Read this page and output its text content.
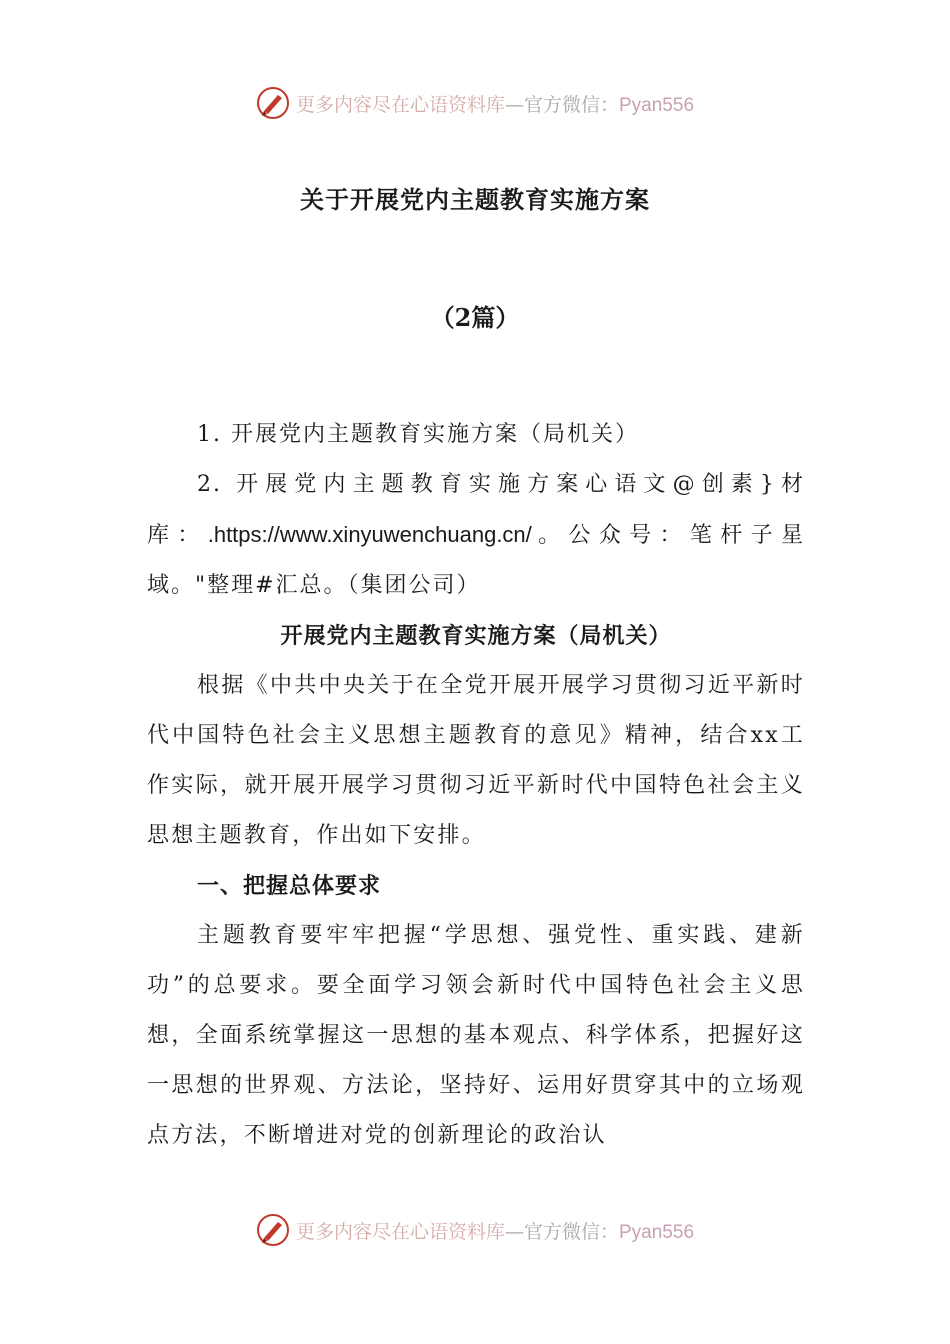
更多内容尽在心语资料库—官方微信：Pyan556
关于开展党内主题教育实施方案
（2篇）

1. 开展党内主题教育实施方案（局机关）

2. 开展党内主题教育实施方案心语文@创素}材库：.https://www.xinyuwenchuang.cn/。公众号：笔杆子星域。"整理#汇总。（集团公司）

开展党内主题教育实施方案（局机关）

根据《中共中央关于在全党开展开展学习贯彻习近平新时代中国特色社会主义思想主题教育的意见》精神，结合xx工作实际，就开展开展学习贯彻习近平新时代中国特色社会主义思想主题教育，作出如下安排。

一、把握总体要求

主题教育要牢牢把握“学思想、强党性、重实践、建新功”的总要求。要全面学习领会新时代中国特色社会主义思想，全面系统掌握这一思想的基本观点、科学体系，把握好这一思想的世界观、方法论，坚持好、运用好贯穿其中的立场观点方法，不断增进对党的创新理论的政治认

更多内容尽在心语资料库—官方微信：Pyan556
